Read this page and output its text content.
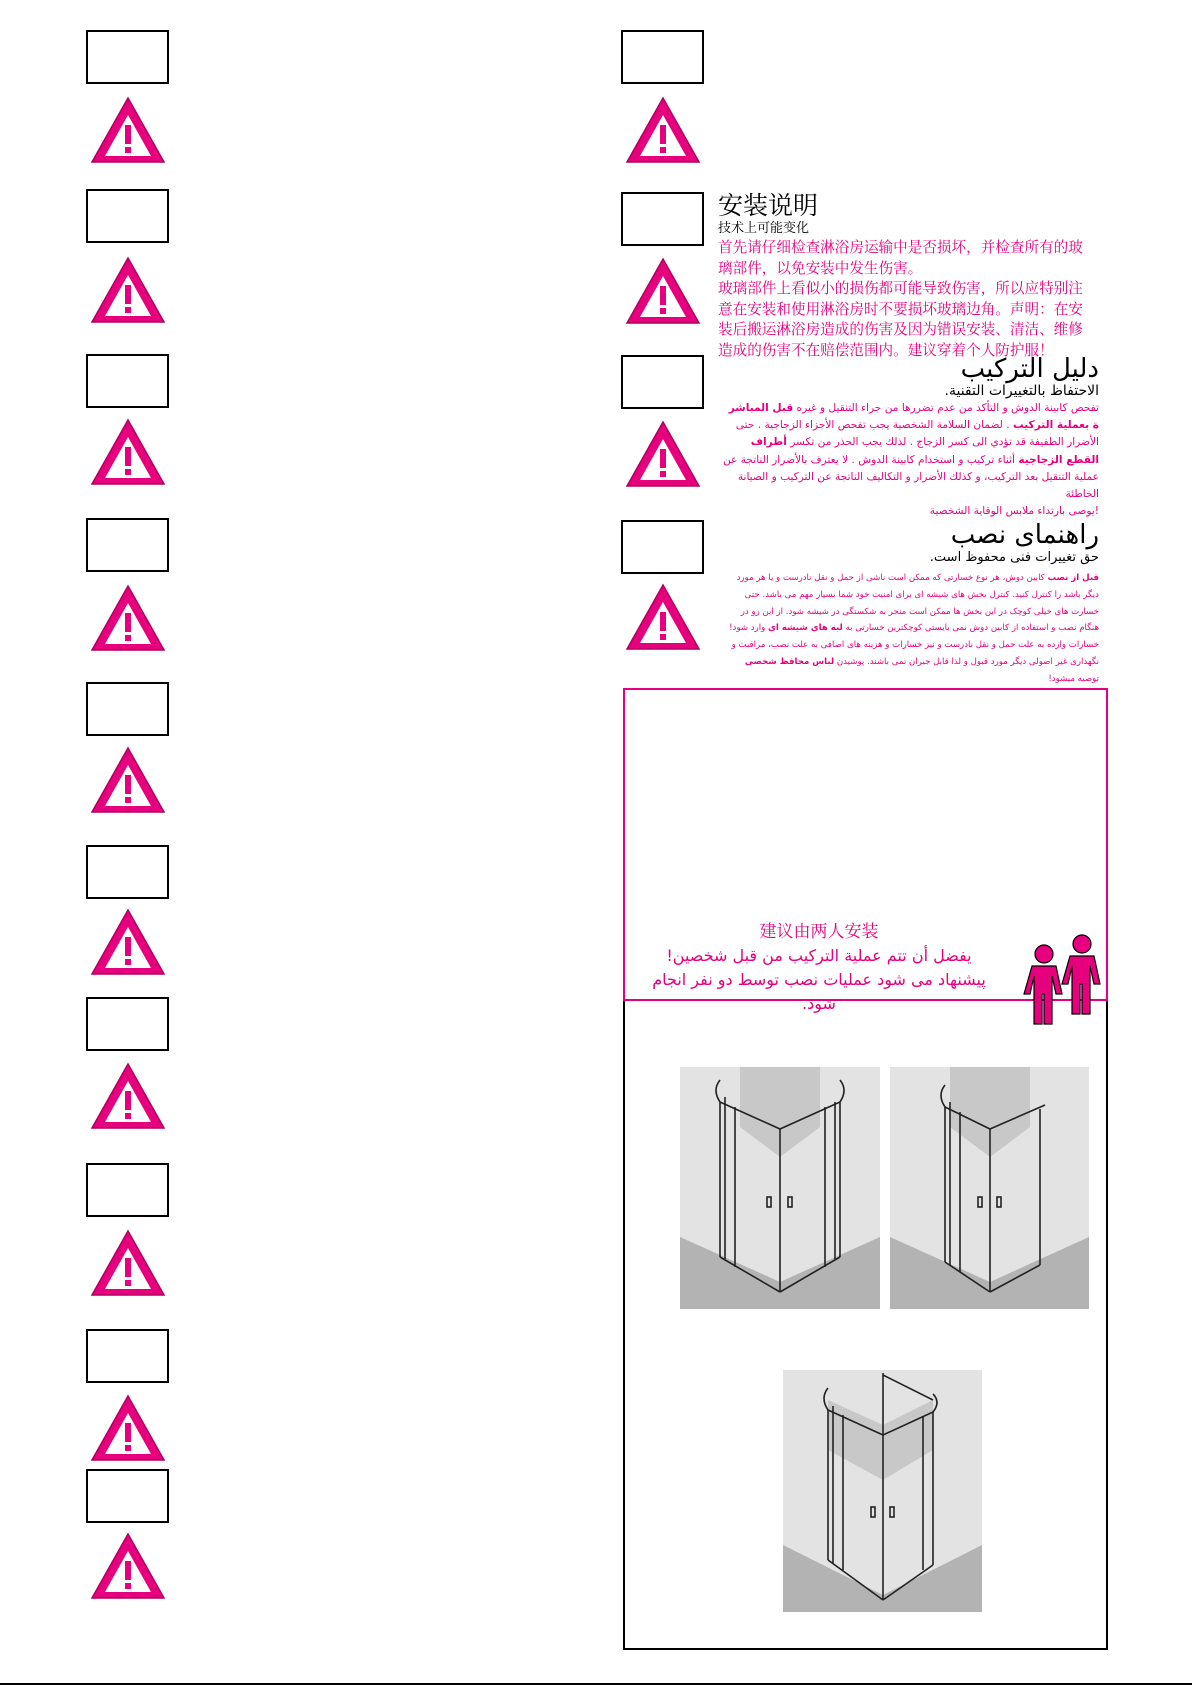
安装说明
技术上可能变化
首先请仔细检查淋浴房运输中是否损坏，并检查所有的玻璃部件，以免安装中发生伤害。
玻璃部件上看似小的损伤都可能导致伤害，所以应特别注意在安装和使用淋浴房时不要损坏玻璃边角。声明：在安装后搬运淋浴房造成的伤害及因为错误安装、清洁、维修造成的伤害不在赔偿范围内。建议穿着个人防护服！
دليل التركيب
الاحتفاظ بالتغييرات التقنية.
تفحص كابينة الدوش و التأكد من عدم تضررها من جراء التنقيل و غيره قبل المباشر ة بعملية التركيب . لضمان السلامة الشخصية يجب تفحص الأجزاء الزجاجية . حتى الأضرار الطفيفة قد تؤدي الى كسر الزجاج . لذلك يجب الحذر من تكسر أطراف القطع الزجاجية أثناء تركيب و استخدام كابينة الدوش . لا يعترف بالأضرار الناتجة عن عملية التنقيل بعد التركيب، و كذلك الأضرار و التكاليف الناتجة عن التركيب و الصيانة الخاطئة
!يوصى بارتداء ملابس الوقاية الشخصية
راهنمای نصب
حق تغییرات فنی محفوظ است.
قبل از نصب کابین دوش، هر نوع خسارتی که ممکن است ناشی از حمل و نقل نادرست و یا هر مورد دیگر باشد را کنترل کنید. کنترل بخش های شیشه ای برای امنیت خود شما بسیار مهم می باشد. حتی خسارت های خیلی کوچک در این بخش ها ممکن است منجر به شکستگی در شیشه شود. از این رو در هنگام نصب و استفاده از کابین دوش نمی بایستی کوچکترین خسارتی به لبه های شیشه ای وارد شود! خسارات وارده به علت حمل و نقل نادرست و نیز خسارات و هزینه های اضافی به علت نصب، مراقبت و نگهداری غیر اصولی دیگر مورد قبول و لذا قابل جبران نمی باشند. پوشیدن لباس محافظ شخصی توصیه میشود!
建议由两人安装
يفضل أن تتم عملية التركيب من قبل شخصين!
پیشنهاد می شود عملیات نصب توسط دو نفر انجام شود.
